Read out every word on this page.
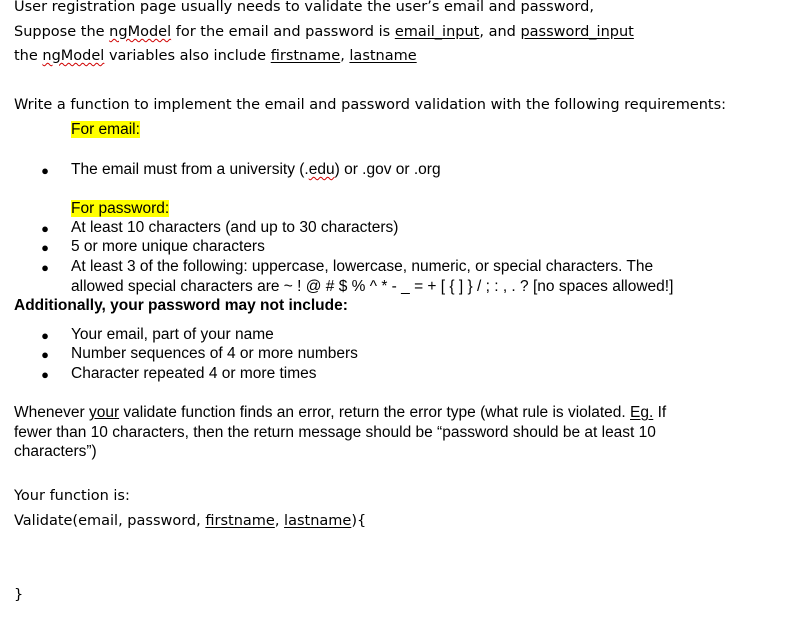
User registration page usually needs to validate the user’s email and password,
Suppose the ngModel for the email and password is email_input, and password_input
the ngModel variables also include firstname, lastname
Write a function to implement the email and password validation with the following requirements:
For email:
● The email must from a university (.edu) or .gov or .org
For password:
● At least 10 characters (and up to 30 characters)
● 5 or more unique characters
● At least 3 of the following: uppercase, lowercase, numeric, or special characters. The
allowed special characters are ~ ! @ # $ % ^ * - _ = + [ { ] } / ; : , . ? [no spaces allowed!]
Additionally, your password may not include:
● Your email, part of your name
● Number sequences of 4 or more numbers
● Character repeated 4 or more times
Whenever your validate function finds an error, return the error type (what rule is violated. Eg. If
fewer than 10 characters, then the return message should be “password should be at least 10
characters”)
Your function is:
Validate(email, password, firstname, lastname){
}
